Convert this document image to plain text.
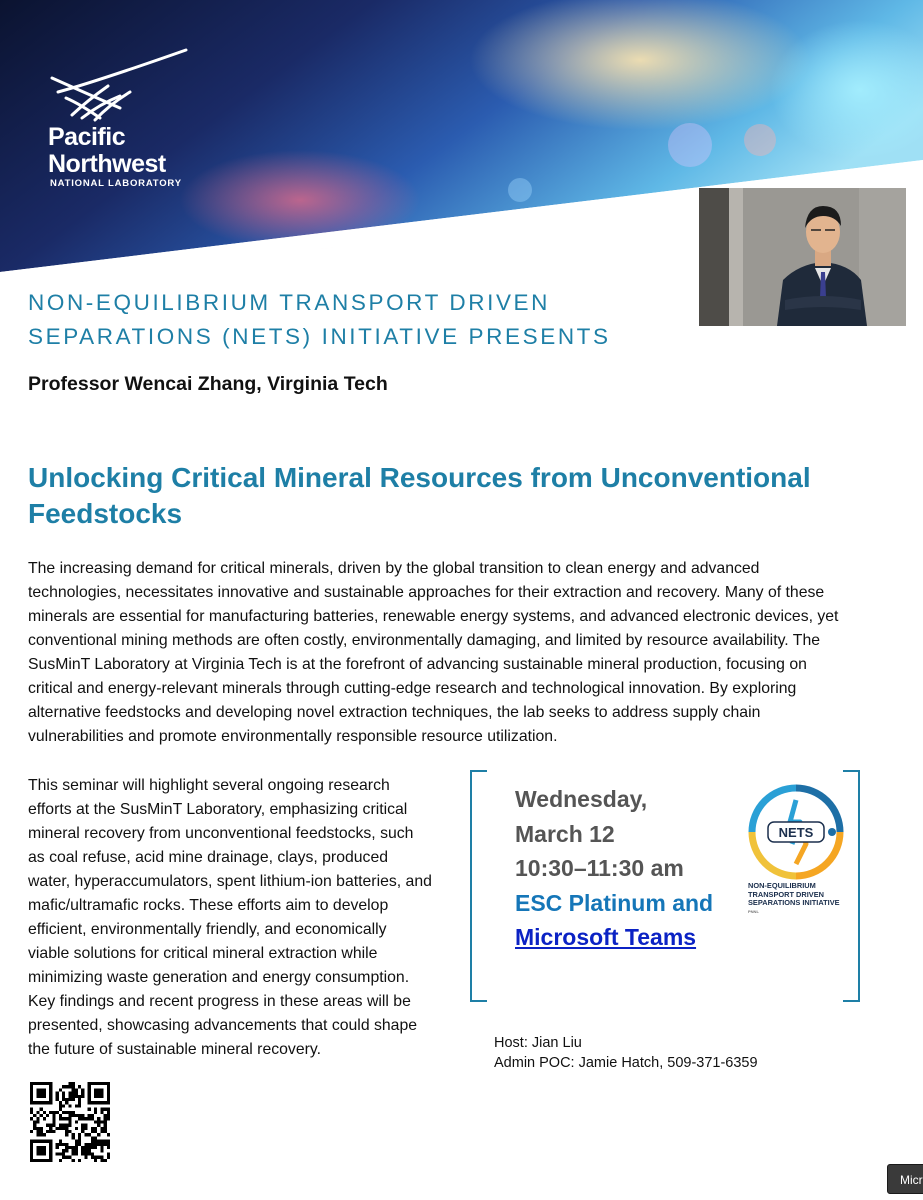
Pacific
Northwest
NATIONAL LABORATORY
NON-EQUILIBRIUM TRANSPORT DRIVEN
SEPARATIONS (NETS) INITIATIVE PRESENTS
Professor Wencai Zhang, Virginia Tech
Unlocking Critical Mineral Resources from Unconventional
Feedstocks
The increasing demand for critical minerals, driven by the global transition to clean energy and advanced
technologies, necessitates innovative and sustainable approaches for their extraction and recovery. Many of these
minerals are essential for manufacturing batteries, renewable energy systems, and advanced electronic devices, yet
conventional mining methods are often costly, environmentally damaging, and limited by resource availability. The
SusMinT Laboratory at Virginia Tech is at the forefront of advancing sustainable mineral production, focusing on
critical and energy-relevant minerals through cutting-edge research and technological innovation. By exploring
alternative feedstocks and developing novel extraction techniques, the lab seeks to address supply chain
vulnerabilities and promote environmentally responsible resource utilization.
This seminar will highlight several ongoing research
efforts at the SusMinT Laboratory, emphasizing critical
mineral recovery from unconventional feedstocks, such
as coal refuse, acid mine drainage, clays, produced
water, hyperaccumulators, spent lithium-ion batteries, and
mafic/ultramafic rocks. These efforts aim to develop
efficient, environmentally friendly, and economically
viable solutions for critical mineral extraction while
minimizing waste generation and energy consumption.
Key findings and recent progress in these areas will be
presented, showcasing advancements that could shape
the future of sustainable mineral recovery.
Wednesday,
March 12
10:30–11:30 am
ESC Platinum and
Microsoft Teams
NETS
NON-EQUILIBRIUM
TRANSPORT DRIVEN
SEPARATIONS INITIATIVE
PNNL
Host: Jian Liu
Admin POC: Jamie Hatch, 509-371-6359
Micr
